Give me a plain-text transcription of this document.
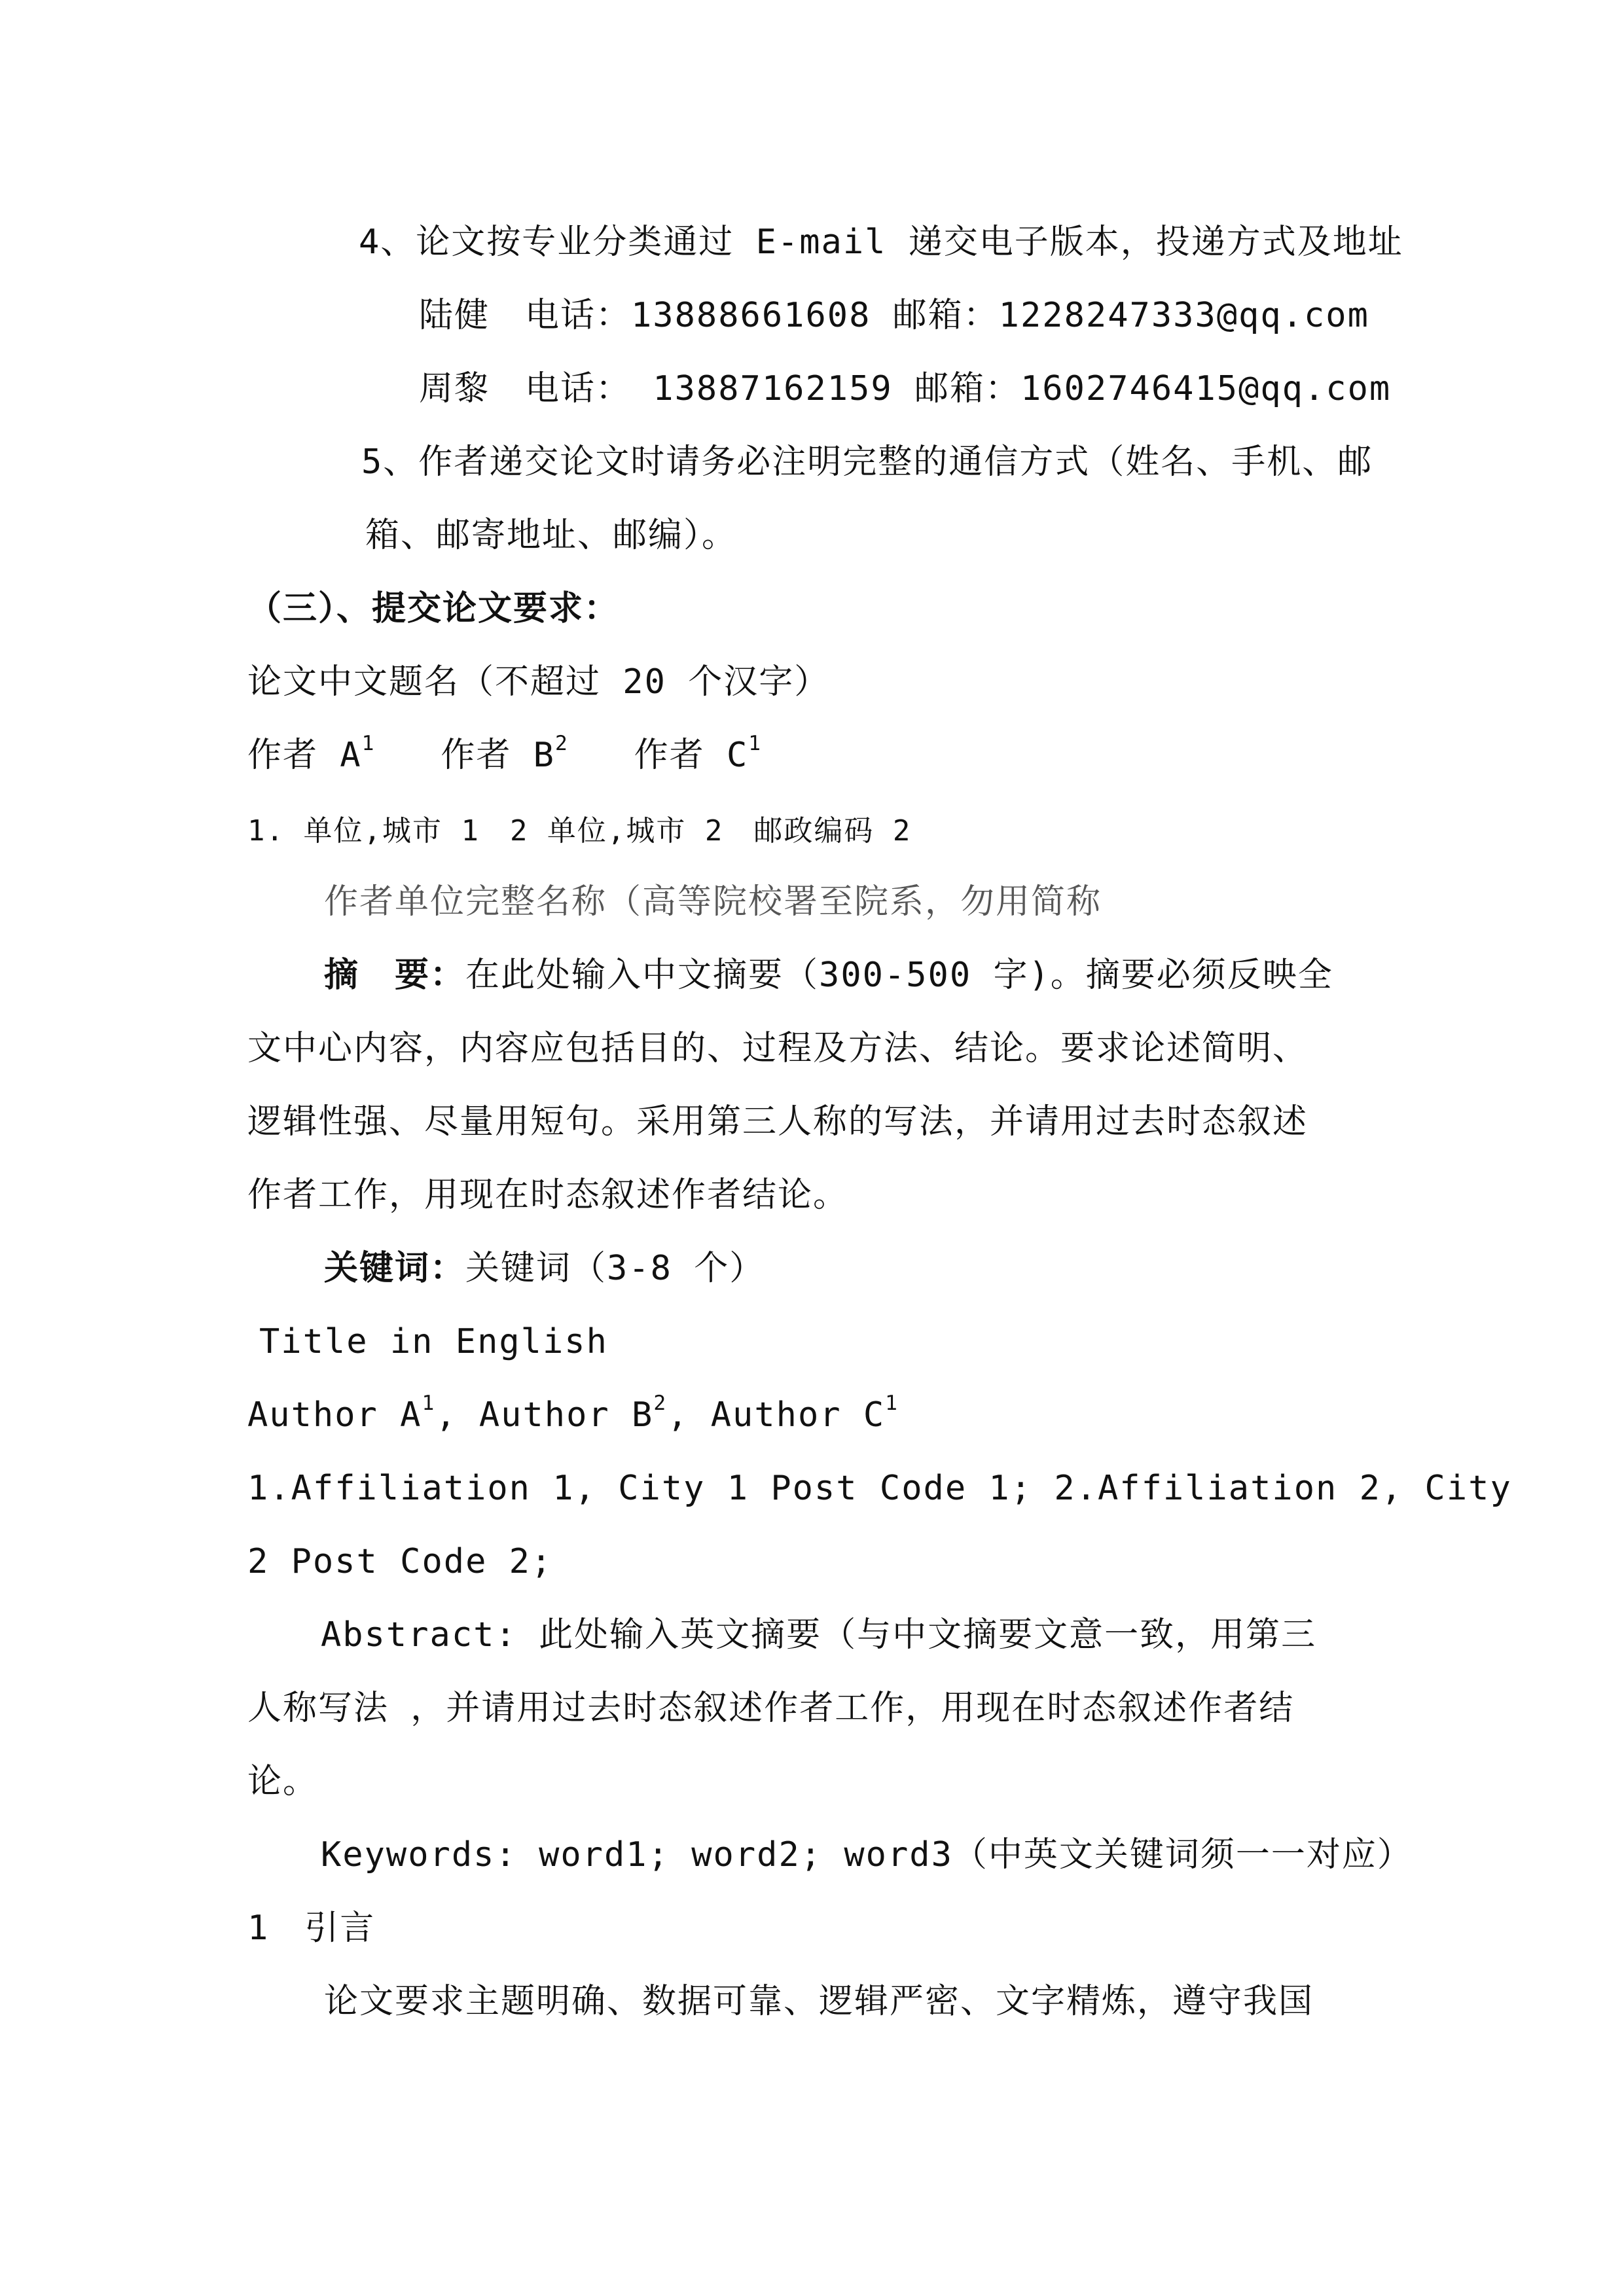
4、论文按专业分类通过 E-mail 递交电子版本，投递方式及地址
陆健　电话：13888661608 邮箱：1228247333@qq.com
周黎　电话： 13887162159 邮箱：1602746415@qq.com
5、作者递交论文时请务必注明完整的通信方式（姓名、手机、邮
箱、邮寄地址、邮编）。
（三）、提交论文要求：
论文中文题名（不超过 20 个汉字）
作者 $A^1$ 作者 $B^2$ 作者 $C^1$
1. 单位,城市 1　2 单位,城市 2　邮政编码 2
作者单位完整名称（高等院校署至院系，勿用简称
摘　要：在此处输入中文摘要（300-500 字)。摘要必须反映全
文中心内容，内容应包括目的、过程及方法、结论。要求论述简明、
逻辑性强、尽量用短句。采用第三人称的写法，并请用过去时态叙述
作者工作，用现在时态叙述作者结论。
关键词：关键词（3-8 个）
Title in English
Author $A^1$, Author $B^2$, Author $C^1$
1.Affiliation 1, City 1 Post Code 1; 2.Affiliation 2, City
2 Post Code 2;
Abstract: 此处输入英文摘要（与中文摘要文意一致，用第三
人称写法 ，并请用过去时态叙述作者工作，用现在时态叙述作者结
论。
Keywords: word1; word2; word3（中英文关键词须一一对应）
1　引言
论文要求主题明确、数据可靠、逻辑严密、文字精炼，遵守我国
